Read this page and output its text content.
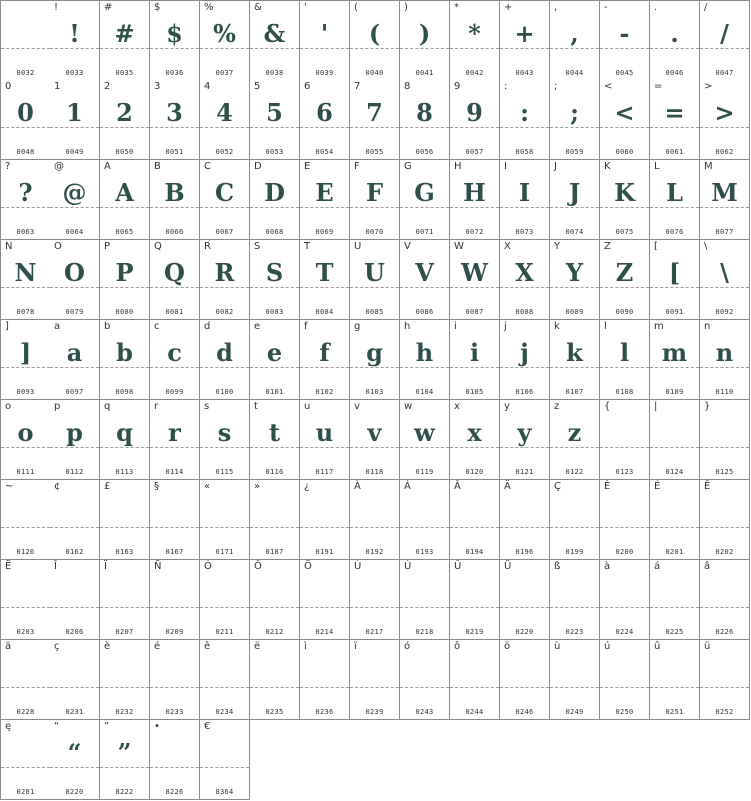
0032
!
!
0033
#
#
0035
$
$
0036
%
%
0037
&
&
0038
'
'
0039
(
(
0040
)
)
0041
*
*
0042
+
+
0043
,
,
0044
-
-
0045
.
.
0046
/
/
0047
0
0
0048
1
1
0049
2
2
0050
3
3
0051
4
4
0052
5
5
0053
6
6
0054
7
7
0055
8
8
0056
9
9
0057
:
:
0058
;
;
0059
<
<
0060
=
=
0061
>
>
0062
?
?
0063
@
@
0064
A
A
0065
B
B
0066
C
C
0067
D
D
0068
E
E
0069
F
F
0070
G
G
0071
H
H
0072
I
I
0073
J
J
0074
K
K
0075
L
L
0076
M
M
0077
N
N
0078
O
O
0079
P
P
0080
Q
Q
0081
R
R
0082
S
S
0083
T
T
0084
U
U
0085
V
V
0086
W
W
0087
X
X
0088
Y
Y
0089
Z
Z
0090
[
[
0091
\
\
0092
]
]
0093
a
a
0097
b
b
0098
c
c
0099
d
d
0100
e
e
0101
f
f
0102
g
g
0103
h
h
0104
i
i
0105
j
j
0106
k
k
0107
l
l
0108
m
m
0109
n
n
0110
o
o
0111
p
p
0112
q
q
0113
r
r
0114
s
s
0115
t
t
0116
u
u
0117
v
v
0118
w
w
0119
x
x
0120
y
y
0121
z
z
0122
{
0123
|
0124
}
0125
~
0126
¢
0162
£
0163
§
0167
«
0171
»
0187
¿
0191
À
0192
Á
0193
Â
0194
Ä
0196
Ç
0199
È
0200
É
0201
Ê
0202
Ë
0203
Î
0206
Ï
0207
Ñ
0209
Ó
0211
Ô
0212
Ö
0214
Ù
0217
Ú
0218
Û
0219
Ü
0220
ß
0223
à
0224
á
0225
â
0226
ä
0228
ç
0231
è
0232
é
0233
ê
0234
ë
0235
ì
0236
ï
0239
ó
0243
ô
0244
ö
0246
ù
0249
ú
0250
û
0251
ü
0252
ę
0281
“
“
8220
”
”
8222
•
8226
€
8364
